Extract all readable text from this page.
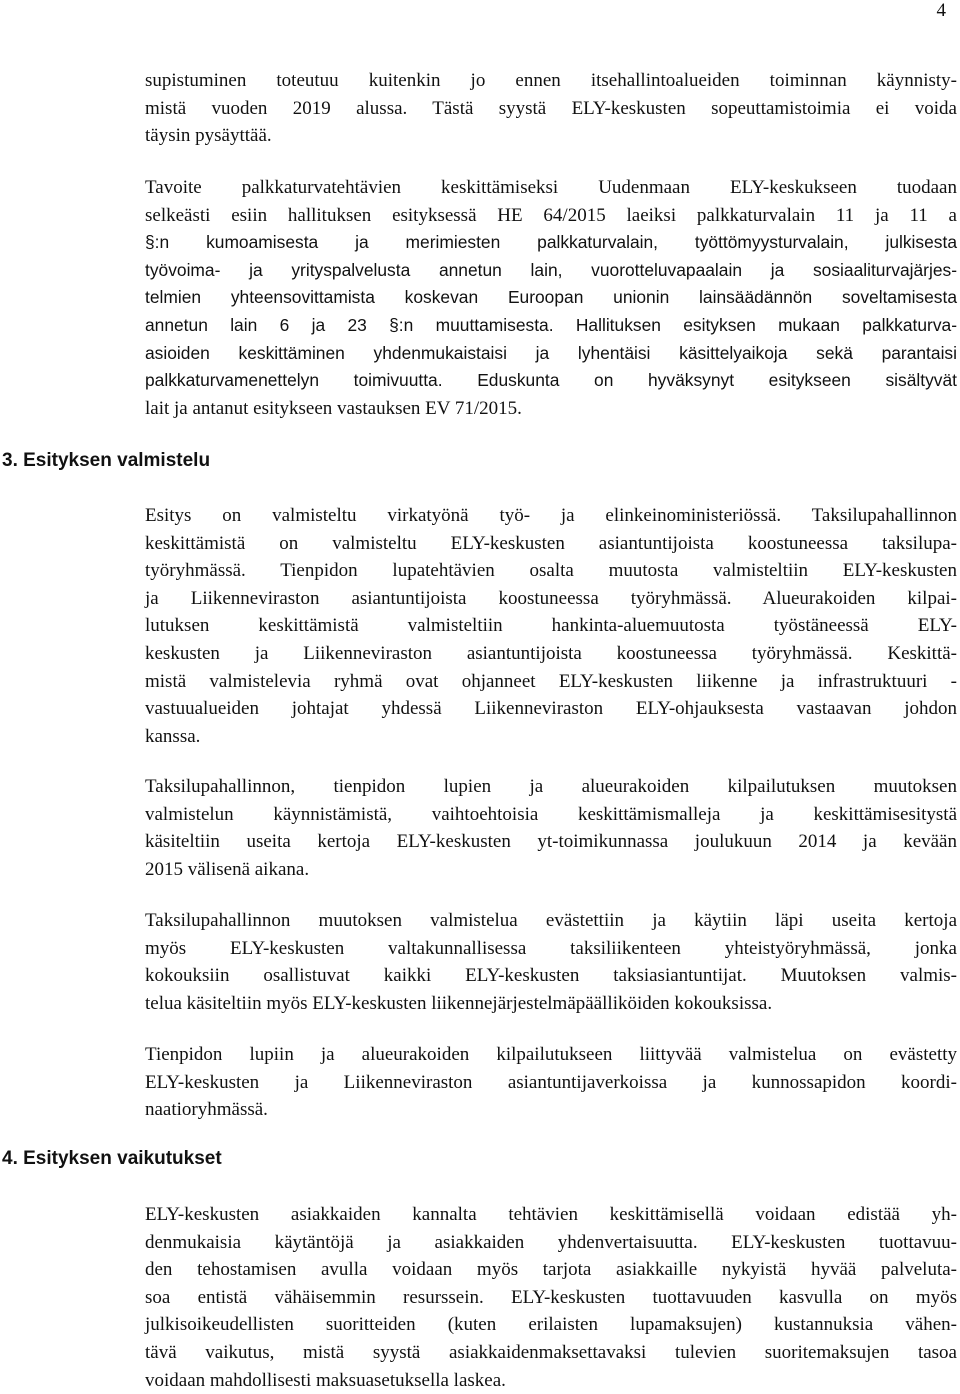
4

supistuminen toteutuu kuitenkin jo ennen itsehallintoalueiden toiminnan käynnisty-
mistä vuoden 2019 alussa. Tästä syystä ELY-keskusten sopeuttamistoimia ei voida
täysin pysäyttää.

Tavoite palkkaturvatehtävien keskittämiseksi Uudenmaan ELY-keskukseen tuodaan
selkeästi esiin hallituksen esityksessä HE 64/2015 laeiksi palkkaturvalain 11 ja 11 a
§:n kumoamisesta ja merimiesten palkkaturvalain, työttömyysturvalain, julkisesta
työvoima- ja yrityspalvelusta annetun lain, vuorotteluvapaalain ja sosiaaliturvajärjes-
telmien yhteensovittamista koskevan Euroopan unionin lainsäädännön soveltamisesta
annetun lain 6 ja 23 §:n muuttamisesta. Hallituksen esityksen mukaan palkkaturva-
asioiden keskittäminen yhdenmukaistaisi ja lyhentäisi käsittelyaikoja sekä parantaisi
palkkaturvamenettelyn toimivuutta. Eduskunta on hyväksynyt esitykseen sisältyvät
lait ja antanut esitykseen vastauksen EV 71/2015.

3. Esityksen valmistelu

Esitys on valmisteltu virkatyönä työ- ja elinkeinoministeriössä. Taksilupahallinnon
keskittämistä on valmisteltu ELY-keskusten asiantuntijoista koostuneessa taksilupa-
työryhmässä. Tienpidon lupatehtävien osalta muutosta valmisteltiin ELY-keskusten
ja Liikenneviraston asiantuntijoista koostuneessa työryhmässä. Alueurakoiden kilpai-
lutuksen keskittämistä valmisteltiin hankinta-aluemuutosta työstäneessä ELY-
keskusten ja Liikenneviraston asiantuntijoista koostuneessa työryhmässä. Keskittä-
mistä valmistelevia ryhmä ovat ohjanneet ELY-keskusten liikenne ja infrastruktuuri -
vastuualueiden johtajat yhdessä Liikenneviraston ELY-ohjauksesta vastaavan johdon
kanssa.

Taksilupahallinnon, tienpidon lupien ja alueurakoiden kilpailutuksen muutoksen
valmistelun käynnistämistä, vaihtoehtoisia keskittämismalleja ja keskittämisesitystä
käsiteltiin useita kertoja ELY-keskusten yt-toimikunnassa joulukuun 2014 ja kevään
2015 välisenä aikana.

Taksilupahallinnon muutoksen valmistelua evästettiin ja käytiin läpi useita kertoja
myös ELY-keskusten valtakunnallisessa taksiliikenteen yhteistyöryhmässä, jonka
kokouksiin osallistuvat kaikki ELY-keskusten taksiasiantuntijat. Muutoksen valmis-
telua käsiteltiin myös ELY-keskusten liikennejärjestelmäpäälliköiden kokouksissa.

Tienpidon lupiin ja alueurakoiden kilpailutukseen liittyvää valmistelua on evästetty
ELY-keskusten ja Liikenneviraston asiantuntijaverkoissa ja kunnossapidon koordi-
naatioryhmässä.

4. Esityksen vaikutukset

ELY-keskusten asiakkaiden kannalta tehtävien keskittämisellä voidaan edistää yh-
denmukaisia käytäntöjä ja asiakkaiden yhdenvertaisuutta. ELY-keskusten tuottavuu-
den tehostamisen avulla voidaan myös tarjota asiakkaille nykyistä hyvää palveluta-
soa entistä vähäisemmin resurssein. ELY-keskusten tuottavuuden kasvulla on myös
julkisoikeudellisten suoritteiden (kuten erilaisten lupamaksujen) kustannuksia vähen-
tävä vaikutus, mistä syystä asiakkaidenmaksettavaksi tulevien suoritemaksujen tasoa
voidaan mahdollisesti maksuasetuksella laskea.
